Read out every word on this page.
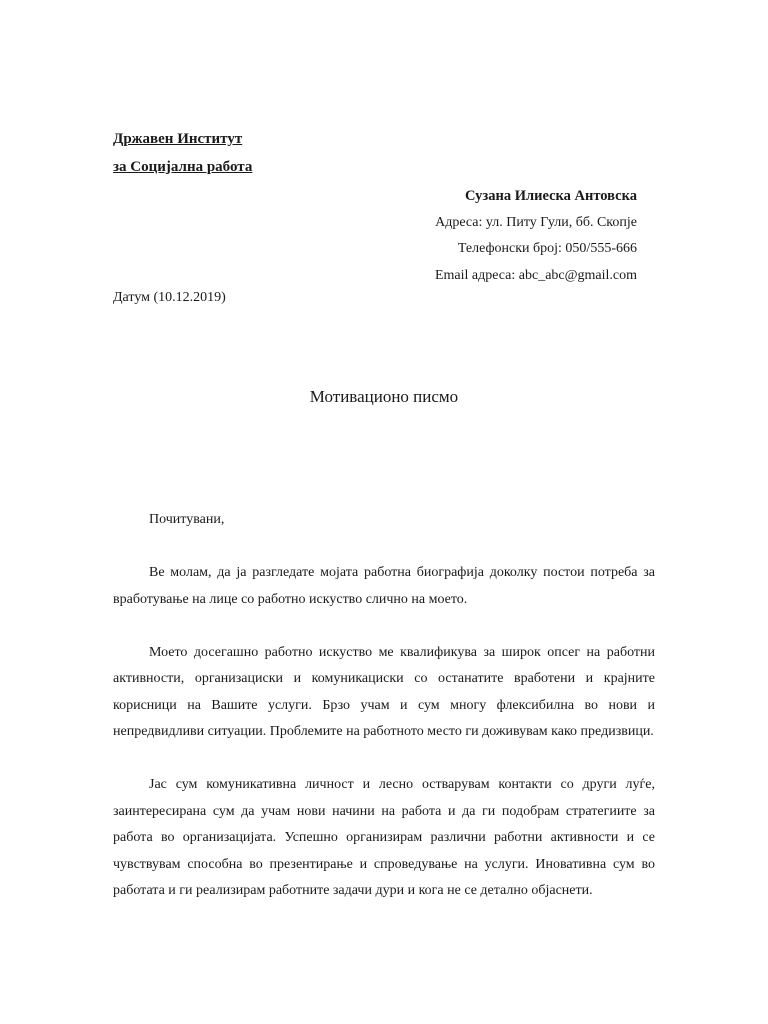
Државен Институт
за Социјална работа
Сузана Илиеска Антовска
Адреса: ул. Питу Гули, бб. Скопје
Телефонски број: 050/555-666
Email адреса: abc_abc@gmail.com
Датум (10.12.2019)
Мотивационо писмо

Почитувани,

Ве молам, да ја разгледате мојата работна биографија доколку постои потреба за вработување на лице со работно искуство слично на моето.

Моето досегашно работно искуство ме квалификува за широк опсег на работни активности, организациски и комуникациски со останатите вработени и крајните корисници на Вашите услуги. Брзо учам и сум многу флексибилна во нови и непредвидливи ситуации. Проблемите на работното место ги доживувам како предизвици.

Јас сум комуникативна личност и лесно остварувам контакти со други луѓе, заинтересирана сум да учам нови начини на работа и да ги подобрам стратегиите за работа во организацијата. Успешно организирам различни работни активности и се чувствувам способна во презентирање и спроведување на услуги. Иновативна сум во работата и ги реализирам работните задачи дури и кога не се детално објаснети.
